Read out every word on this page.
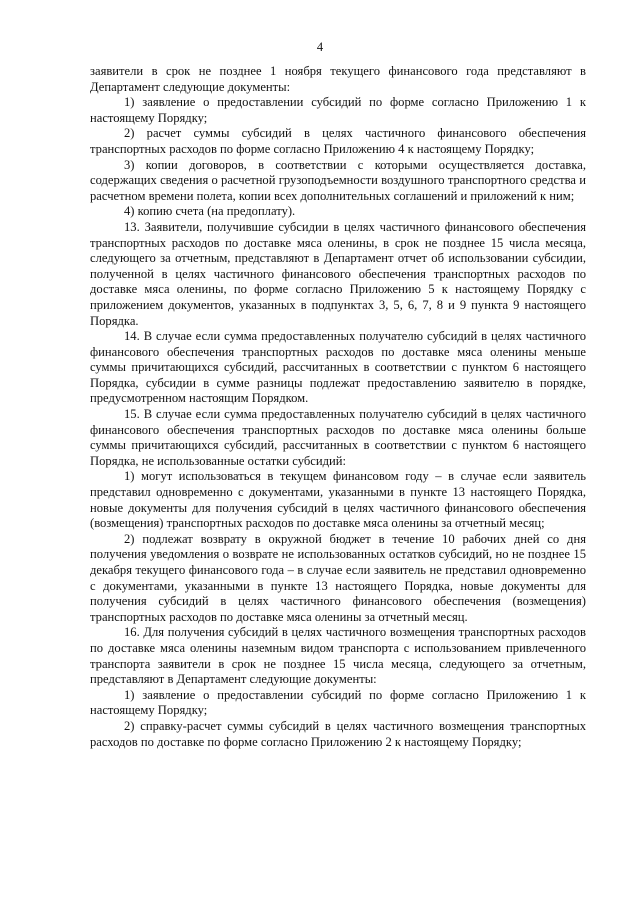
4

заявители в срок не позднее 1 ноября текущего финансового года представляют в Департамент следующие документы:

1) заявление о предоставлении субсидий по форме согласно Приложению 1 к настоящему Порядку;

2) расчет суммы субсидий в целях частичного финансового обеспечения транспортных расходов по форме согласно Приложению 4 к настоящему Порядку;

3) копии договоров, в соответствии с которыми осуществляется доставка, содержащих сведения о расчетной грузоподъемности воздушного транспортного средства и расчетном времени полета, копии всех дополнительных соглашений и приложений к ним;

4) копию счета (на предоплату).

13. Заявители, получившие субсидии в целях частичного финансового обеспечения транспортных расходов по доставке мяса оленины, в срок не позднее 15 числа месяца, следующего за отчетным, представляют в Департамент отчет об использовании субсидии, полученной в целях частичного финансового обеспечения транспортных расходов по доставке мяса оленины, по форме согласно Приложению 5 к настоящему Порядку с приложением документов, указанных в подпунктах 3, 5, 6, 7, 8 и 9 пункта 9 настоящего Порядка.

14. В случае если сумма предоставленных получателю субсидий в целях частичного финансового обеспечения транспортных расходов по доставке мяса оленины меньше суммы причитающихся субсидий, рассчитанных в соответствии с пунктом 6 настоящего Порядка, субсидии в сумме разницы подлежат предоставлению заявителю в порядке, предусмотренном настоящим Порядком.

15. В случае если сумма предоставленных получателю субсидий в целях частичного финансового обеспечения транспортных расходов по доставке мяса оленины больше суммы причитающихся субсидий, рассчитанных в соответствии с пунктом 6 настоящего Порядка, не использованные остатки субсидий:

1) могут использоваться в текущем финансовом году – в случае если заявитель представил одновременно с документами, указанными в пункте 13 настоящего Порядка, новые документы для получения субсидий в целях частичного финансового обеспечения (возмещения) транспортных расходов по доставке мяса оленины за отчетный месяц;

2) подлежат возврату в окружной бюджет в течение 10 рабочих дней со дня получения уведомления о возврате не использованных остатков субсидий, но не позднее 15 декабря текущего финансового года – в случае если заявитель не представил одновременно с документами, указанными в пункте 13 настоящего Порядка, новые документы для получения субсидий в целях частичного финансового обеспечения (возмещения) транспортных расходов по доставке мяса оленины за отчетный месяц.

16. Для получения субсидий в целях частичного возмещения транспортных расходов по доставке мяса оленины наземным видом транспорта с использованием привлеченного транспорта заявители в срок не позднее 15 числа месяца, следующего за отчетным, представляют в Департамент следующие документы:

1) заявление о предоставлении субсидий по форме согласно Приложению 1 к настоящему Порядку;

2) справку-расчет суммы субсидий в целях частичного возмещения транспортных расходов по доставке по форме согласно Приложению 2 к настоящему Порядку;
